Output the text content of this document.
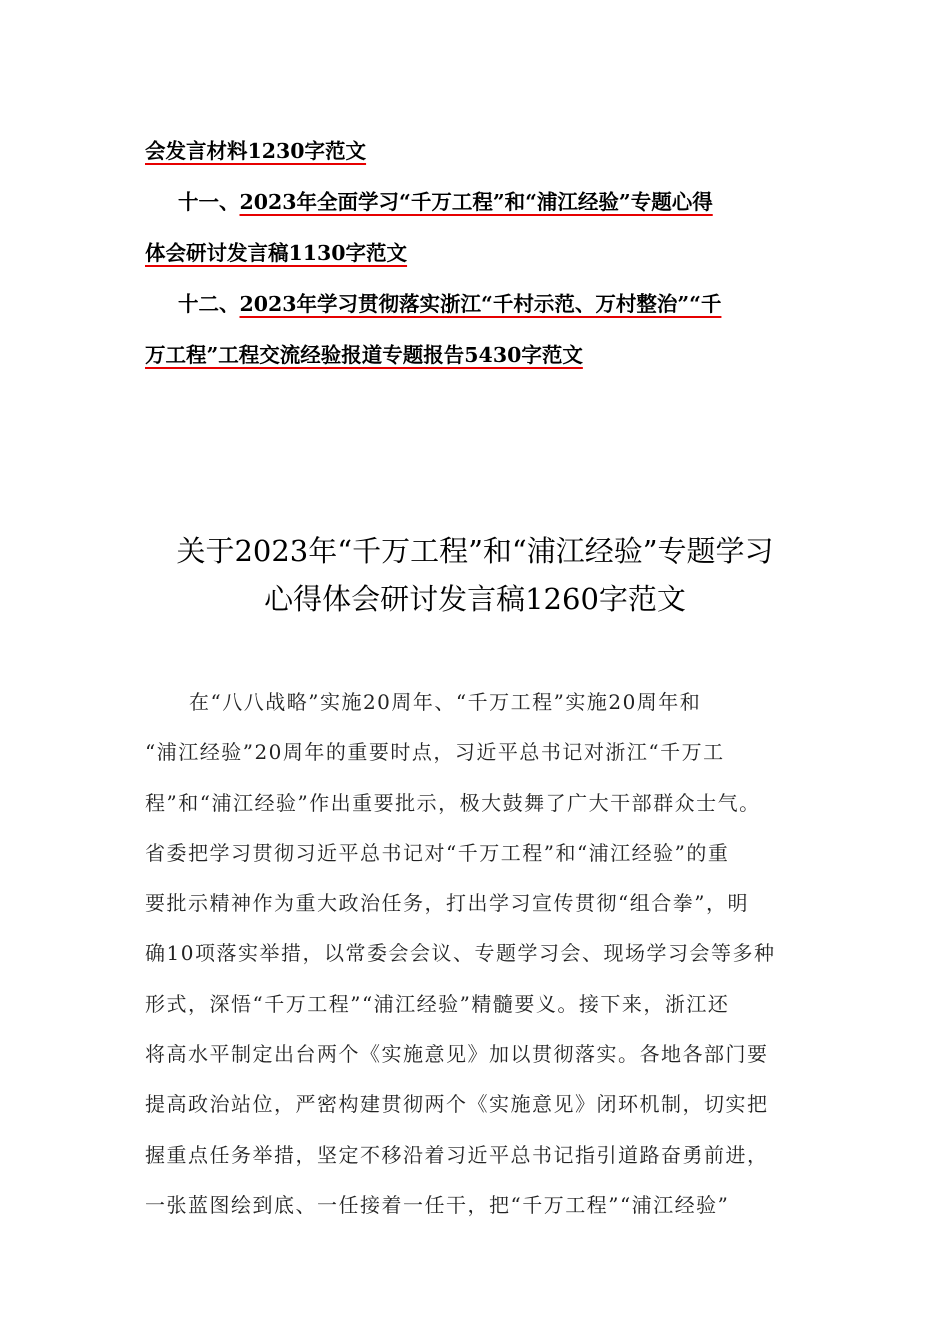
会发言材料1230字范文
十一、2023年全面学习“千万工程”和“浦江经验”专题心得
体会研讨发言稿1130字范文
十二、2023年学习贯彻落实浙江“千村示范、万村整治”“千
万工程”工程交流经验报道专题报告5430字范文
关于2023年“千万工程”和“浦江经验”专题学习
心得体会研讨发言稿1260字范文
在“八八战略”实施20周年、“千万工程”实施20周年和
“浦江经验”20周年的重要时点，习近平总书记对浙江“千万工
程”和“浦江经验”作出重要批示，极大鼓舞了广大干部群众士气。
省委把学习贯彻习近平总书记对“千万工程”和“浦江经验”的重
要批示精神作为重大政治任务，打出学习宣传贯彻“组合拳”，明
确10项落实举措，以常委会会议、专题学习会、现场学习会等多种
形式，深悟“千万工程”“浦江经验”精髓要义。接下来，浙江还
将高水平制定出台两个《实施意见》加以贯彻落实。各地各部门要
提高政治站位，严密构建贯彻两个《实施意见》闭环机制，切实把
握重点任务举措，坚定不移沿着习近平总书记指引道路奋勇前进，
一张蓝图绘到底、一任接着一任干，把“千万工程”“浦江经验”
